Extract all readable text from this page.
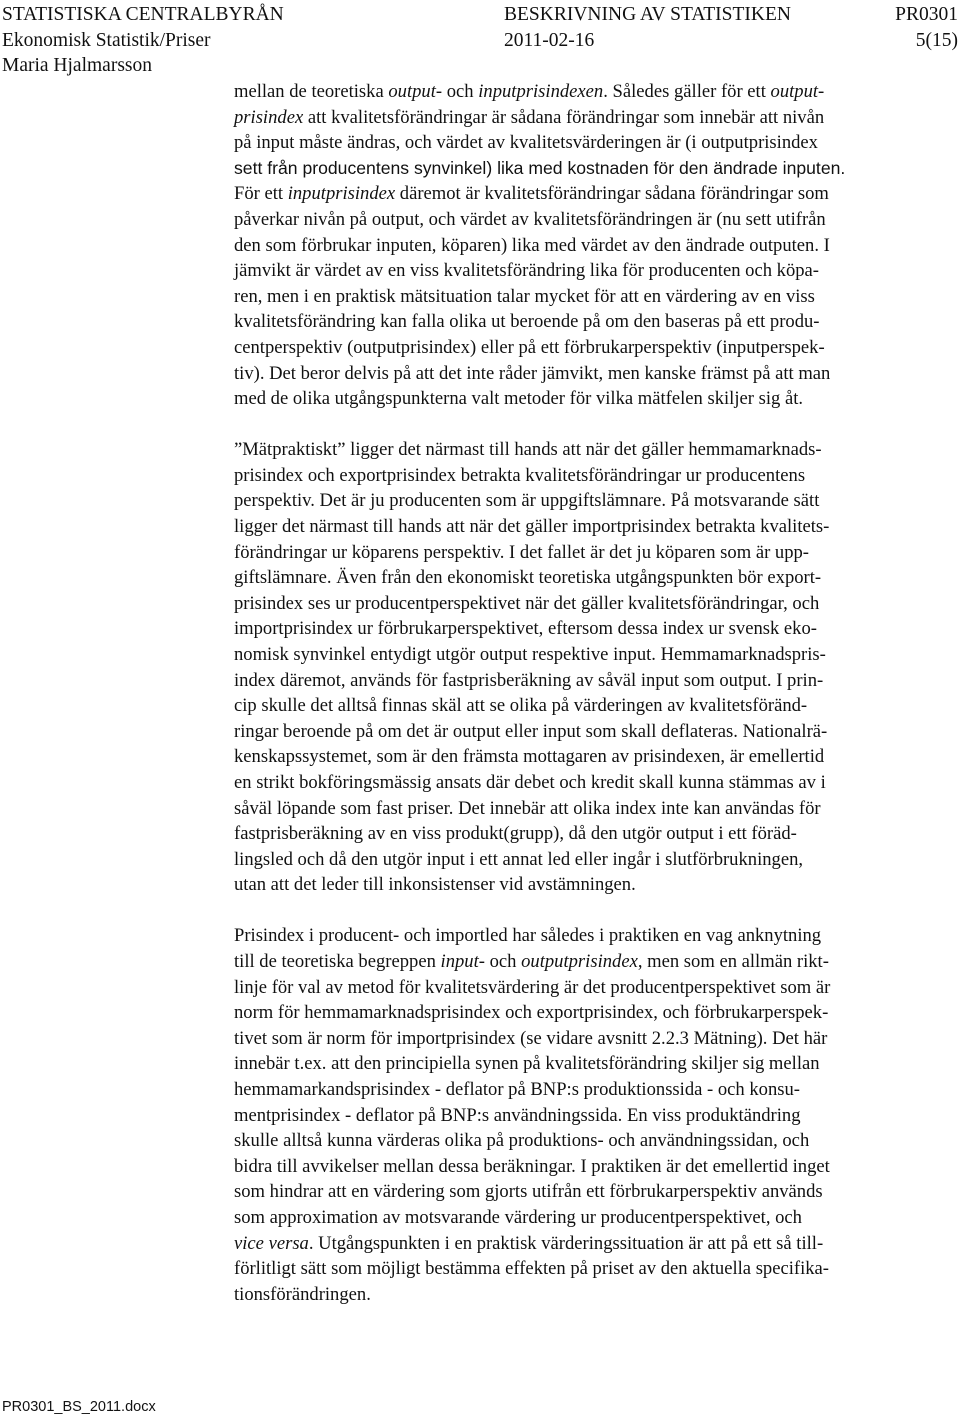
STATISTISKA CENTRALBYRÅN	BESKRIVNING AV STATISTIKEN	PR0301
Ekonomisk Statistik/Priser	2011-02-16	5(15)
Maria Hjalmarsson

mellan de teoretiska output- och inputprisindexen. Således gäller för ett output-
prisindex att kvalitetsförändringar är sådana förändringar som innebär att nivån
på input måste ändras, och värdet av kvalitetsvärderingen är (i outputprisindex
sett från producentens synvinkel) lika med kostnaden för den ändrade inputen.
För ett inputprisindex däremot är kvalitetsförändringar sådana förändringar som
påverkar nivån på output, och värdet av kvalitetsförändringen är (nu sett utifrån
den som förbrukar inputen, köparen) lika med värdet av den ändrade outputen. I
jämvikt är värdet av en viss kvalitetsförändring lika för producenten och köpa-
ren, men i en praktisk mätsituation talar mycket för att en värdering av en viss
kvalitetsförändring kan falla olika ut beroende på om den baseras på ett produ-
centperspektiv (outputprisindex) eller på ett förbrukarperspektiv (inputperspek-
tiv). Det beror delvis på att det inte råder jämvikt, men kanske främst på att man
med de olika utgångspunkterna valt metoder för vilka mätfelen skiljer sig åt.

”Mätpraktiskt” ligger det närmast till hands att när det gäller hemmamarknads-
prisindex och exportprisindex betrakta kvalitetsförändringar ur producentens
perspektiv. Det är ju producenten som är uppgiftslämnare. På motsvarande sätt
ligger det närmast till hands att när det gäller importprisindex betrakta kvalitets-
förändringar ur köparens perspektiv. I det fallet är det ju köparen som är upp-
giftslämnare. Även från den ekonomiskt teoretiska utgångspunkten bör export-
prisindex ses ur producentperspektivet när det gäller kvalitetsförändringar, och
importprisindex ur förbrukarperspektivet, eftersom dessa index ur svensk eko-
nomisk synvinkel entydigt utgör output respektive input. Hemmamarknadspris-
index däremot, används för fastprisberäkning av såväl input som output. I prin-
cip skulle det alltså finnas skäl att se olika på värderingen av kvalitetsföränd-
ringar beroende på om det är output eller input som skall deflateras. Nationalrä-
kenskapssystemet, som är den främsta mottagaren av prisindexen, är emellertid
en strikt bokföringsmässig ansats där debet och kredit skall kunna stämmas av i
såväl löpande som fast priser. Det innebär att olika index inte kan användas för
fastprisberäkning av en viss produkt(grupp), då den utgör output i ett föräd-
lingsled och då den utgör input i ett annat led eller ingår i slutförbrukningen,
utan att det leder till inkonsistenser vid avstämningen.

Prisindex i producent- och importled har således i praktiken en vag anknytning
till de teoretiska begreppen input- och outputprisindex, men som en allmän rikt-
linje för val av metod för kvalitetsvärdering är det producentperspektivet som är
norm för hemmamarknadsprisindex och exportprisindex, och förbrukarperspek-
tivet som är norm för importprisindex (se vidare avsnitt 2.2.3 Mätning). Det här
innebär t.ex. att den principiella synen på kvalitetsförändring skiljer sig mellan
hemmamarkandsprisindex - deflator på BNP:s produktionssida - och konsu-
mentprisindex - deflator på BNP:s användningssida. En viss produktändring
skulle alltså kunna värderas olika på produktions- och användningssidan, och
bidra till avvikelser mellan dessa beräkningar. I praktiken är det emellertid inget
som hindrar att en värdering som gjorts utifrån ett förbrukarperspektiv används
som approximation av motsvarande värdering ur producentperspektivet, och
vice versa. Utgångspunkten i en praktisk värderingssituation är att på ett så till-
förlitligt sätt som möjligt bestämma effekten på priset av den aktuella specifika-
tionsförändringen.

PR0301_BS_2011.docx
